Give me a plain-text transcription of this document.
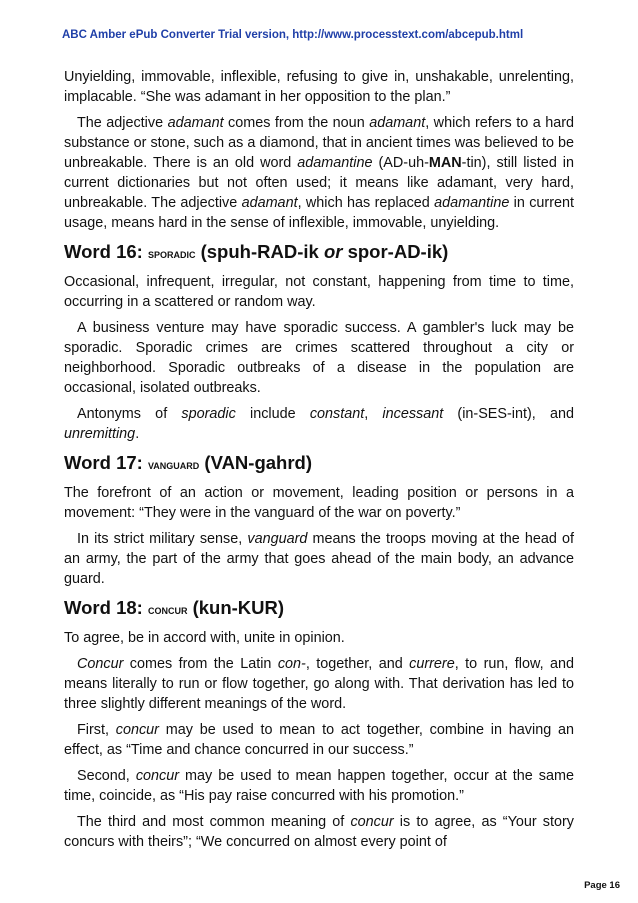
ABC Amber ePub Converter Trial version, http://www.processtext.com/abcepub.html

Unyielding, immovable, inflexible, refusing to give in, unshakable, unrelenting, implacable. “She was adamant in her opposition to the plan.”

The adjective adamant comes from the noun adamant, which refers to a hard substance or stone, such as a diamond, that in ancient times was believed to be unbreakable. There is an old word adamantine (AD-uh-MAN-tin), still listed in current dictionaries but not often used; it means like adamant, very hard, unbreakable. The adjective adamant, which has replaced adamantine in current usage, means hard in the sense of inflexible, immovable, unyielding.

Word 16: SPORADIC (spuh-RAD-ik or spor-AD-ik)

Occasional, infrequent, irregular, not constant, happening from time to time, occurring in a scattered or random way.

A business venture may have sporadic success. A gambler's luck may be sporadic. Sporadic crimes are crimes scattered throughout a city or neighborhood. Sporadic outbreaks of a disease in the population are occasional, isolated outbreaks.

Antonyms of sporadic include constant, incessant (in-SES-int), and unremitting.

Word 17: VANGUARD (VAN-gahrd)

The forefront of an action or movement, leading position or persons in a movement: “They were in the vanguard of the war on poverty.”

In its strict military sense, vanguard means the troops moving at the head of an army, the part of the army that goes ahead of the main body, an advance guard.

Word 18: CONCUR (kun-KUR)

To agree, be in accord with, unite in opinion.

Concur comes from the Latin con-, together, and currere, to run, flow, and means literally to run or flow together, go along with. That derivation has led to three slightly different meanings of the word.

First, concur may be used to mean to act together, combine in having an effect, as “Time and chance concurred in our success.”

Second, concur may be used to mean happen together, occur at the same time, coincide, as “His pay raise concurred with his promotion.”

The third and most common meaning of concur is to agree, as “Your story concurs with theirs”; “We concurred on almost every point of

Page 16
